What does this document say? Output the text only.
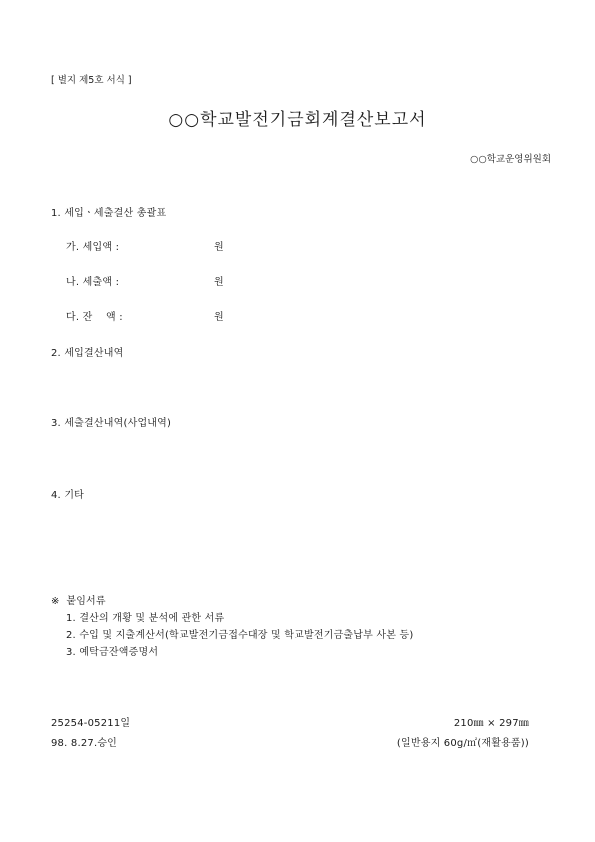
[ 별지 제5호 서식 ]
○○학교발전기금회계결산보고서
○○학교운영위원회
1. 세입ㆍ세출결산 총괄표
가. 세입액 :	원
나. 세출액 :	원
다. 잔    액 :	원
2. 세입결산내역
3. 세출결산내역(사업내역)
4. 기타
※  붙임서류
1. 결산의 개황 및 분석에 관한 서류
2. 수입 및 지출계산서(학교발전기금접수대장 및 학교발전기금출납부 사본 등)
3. 예탁금잔액증명서
25254-05211일
98. 8.27.승인
210㎜ × 297㎜
(일반용지 60g/㎡(재활용품))
